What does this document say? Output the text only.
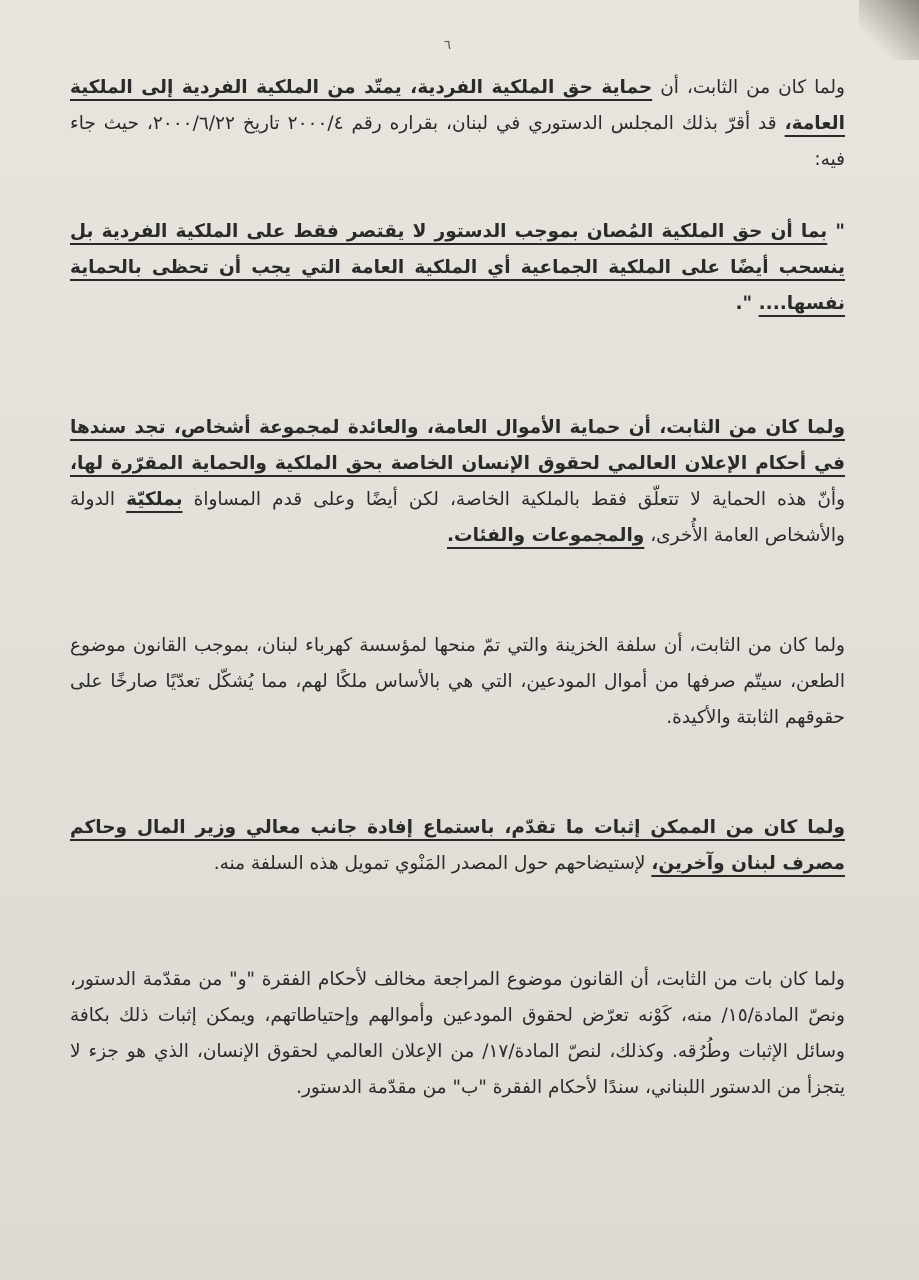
٦
ولما كان من الثابت، أن حماية حق الملكية الفردية، يمتّد من الملكية الفردية إلى الملكية العامة، قد أقرّ بذلك المجلس الدستوري في لبنان، بقراره رقم ٢٠٠٠/٤ تاريخ ٢٠٠٠/٦/٢٢، حيث جاء فيه:
" بما أن حق الملكية المُصان بموجب الدستور لا يقتصر فقط على الملكية الفردية بل ينسحب أيضًا على الملكية الجماعية أي الملكية العامة التي يجب أن تحظى بالحماية نفسها.... ".
ولما كان من الثابت، أن حماية الأموال العامة، والعائدة لمجموعة أشخاص، تجد سندها في أحكام الإعلان العالمي لحقوق الإنسان الخاصة بحق الملكية والحماية المقرّرة لها، وأنّ هذه الحماية لا تتعلّق فقط بالملكية الخاصة، لكن أيضًا وعلى قدم المساواة بملكيّة الدولة والأشخاص العامة الأُخرى، والمجموعات والفئات.
ولما كان من الثابت، أن سلفة الخزينة والتي تمّ منحها لمؤسسة كهرباء لبنان، بموجب القانون موضوع الطعن، سيتّم صرفها من أموال المودعين، التي هي بالأساس ملكًا لهم، مما يُشكّل تعدّيًا صارخًا على حقوقهم الثابتة والأكيدة.
ولما كان من الممكن إثبات ما تقدّم، باستماع إفادة جانب معالي وزير المال وحاكم مصرف لبنان وآخرين، لإستيضاحهم حول المصدر المَنْوي تمويل هذه السلفة منه.
ولما كان بات من الثابت، أن القانون موضوع المراجعة مخالف لأحكام الفقرة "و" من مقدّمة الدستور، ونصّ المادة/١٥/ منه، كَوْنه تعرّض لحقوق المودعين وأموالهم وإحتياطاتهم، ويمكن إثبات ذلك بكافة وسائل الإثبات وطُرُقه. وكذلك، لنصّ المادة/١٧/ من الإعلان العالمي لحقوق الإنسان، الذي هو جزء لا يتجزأ من الدستور اللبناني، سندًا لأحكام الفقرة "ب" من مقدّمة الدستور.
